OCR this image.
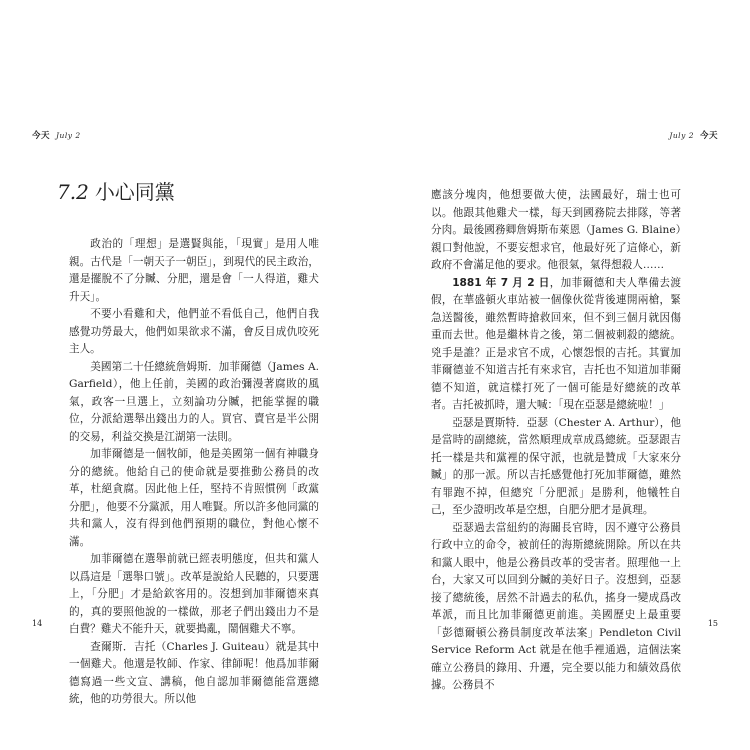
今天 July 2
7.2 小心同黨

政治的「理想」是選賢與能，「現實」是用人唯親。古代是「一朝天子一朝臣」，到現代的民主政治，還是擺脫不了分贓、分肥，還是會「一人得道，雞犬升天」。

不要小看雞和犬，他們並不看低自己，他們自我感覺功勞最大，他們如果欲求不滿，會反目成仇咬死主人。

美國第二十任總統詹姆斯．加菲爾德（James A. Garfield），他上任前，美國的政治彌漫著腐敗的風氣，政客一旦選上，立刻論功分贓，把能掌握的職位，分派給選舉出錢出力的人。買官、賣官是半公開的交易，利益交換是江湖第一法則。

加菲爾德是一個牧師，他是美國第一個有神職身分的總統。他給自己的使命就是要推動公務員的改革，杜絕貪腐。因此他上任，堅持不肯照慣例「政黨分肥」，他要不分黨派，用人唯賢。所以許多他同黨的共和黨人，沒有得到他們預期的職位，對他心懷不滿。

加菲爾德在選舉前就已經表明態度，但共和黨人以爲這是「選舉口號」。改革是說給人民聽的，只要選上，「分肥」才是給欽客用的。沒想到加菲爾德來真的，真的要照他說的一樣做，那老子們出錢出力不是白費？雞犬不能升天，就要搗亂，鬧個雞犬不寧。

查爾斯．吉托（Charles J. Guiteau）就是其中一個雞犬。他還是牧師、作家、律師呢！他爲加菲爾德寫過一些文宣、講稿，他自認加菲爾德能當選總統，他的功勞很大。所以他

14
July 2 今天

應該分塊肉，他想要做大使，法國最好，瑞士也可以。他跟其他雞犬一樣，每天到國務院去排隊，等著分肉。最後國務卿詹姆斯布萊恩（James G. Blaine）親口對他說，不要妄想求官，他最好死了這條心，新政府不會滿足他的要求。他很氣，氣得想殺人……

1881 年 7 月 2 日，加菲爾德和夫人準備去渡假，在華盛頓火車站被一個像伙從背後連開兩槍，緊急送醫後，雖然暫時搶救回來，但不到三個月就因傷重而去世。他是繼林肯之後，第二個被刺殺的總統。兇手是誰？正是求官不成，心懷怨恨的吉托。其實加菲爾德並不知道吉托有來求官，吉托也不知道加菲爾德不知道，就這樣打死了一個可能是好總統的改革者。吉托被抓時，還大喊：「現在亞瑟是總統啦！」

亞瑟是賈斯特．亞瑟（Chester A. Arthur），他是當時的副總統，當然順理成章成爲總統。亞瑟跟吉托一樣是共和黨裡的保守派，也就是贊成「大家來分贓」的那一派。所以吉托感覺他打死加菲爾德，雖然有罪跑不掉，但總究「分肥派」是勝利，他犧牲自己，至少證明改革是空想，自肥分肥才是眞理。

亞瑟過去當紐約的海關長官時，因不遵守公務員行政中立的命令，被前任的海斯總統開除。所以在共和黨人眼中，他是公務員改革的受害者。照理他一上台，大家又可以回到分贓的美好日子。沒想到，亞瑟接了總統後，居然不計過去的私仇，搖身一變成爲改革派，而且比加菲爾德更前進。美國歷史上最重要「彭德爾頓公務員制度改革法案」Pendleton Civil Service Reform Act 就是在他手裡通過，這個法案確立公務員的錄用、升遷，完全要以能力和績效爲依據。公務員不

15
